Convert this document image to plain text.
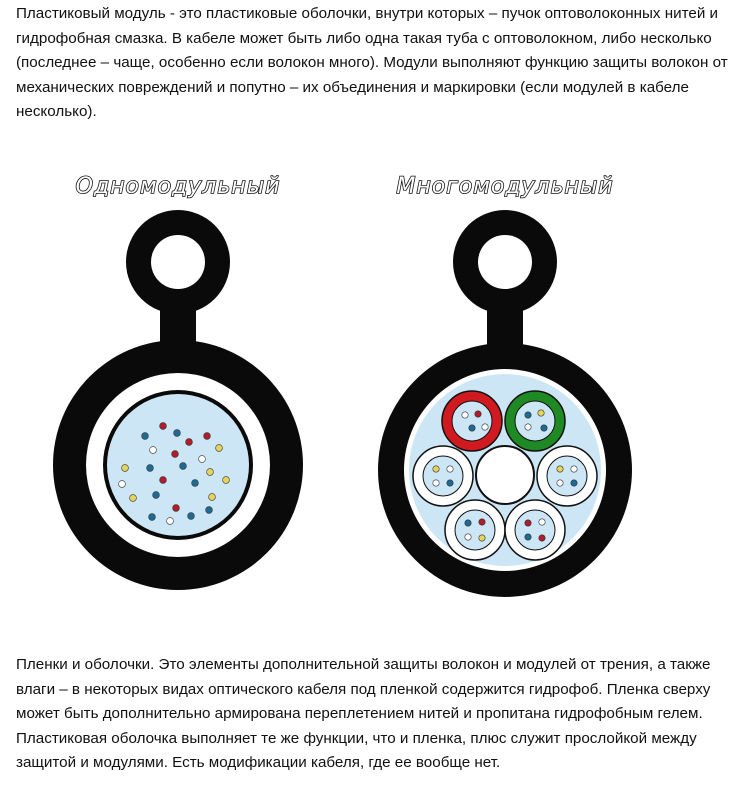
Пластиковый модуль - это пластиковые оболочки, внутри которых – пучок оптоволоконных нитей и гидрофобная смазка. В кабеле может быть либо одна такая туба с оптоволокном, либо несколько (последнее – чаще, особенно если волокон много). Модули выполняют функцию защиты волокон от механических повреждений и попутно – их объединения и маркировки (если модулей в кабеле несколько).

Одномодульный	Многомодульный

Пленки и оболочки. Это элементы дополнительной защиты волокон и модулей от трения, а также влаги – в некоторых видах оптического кабеля под пленкой содержится гидрофоб. Пленка сверху может быть дополнительно армирована переплетением нитей и пропитана гидрофобным гелем. Пластиковая оболочка выполняет те же функции, что и пленка, плюс служит прослойкой между защитой и модулями. Есть модификации кабеля, где ее вообще нет.
